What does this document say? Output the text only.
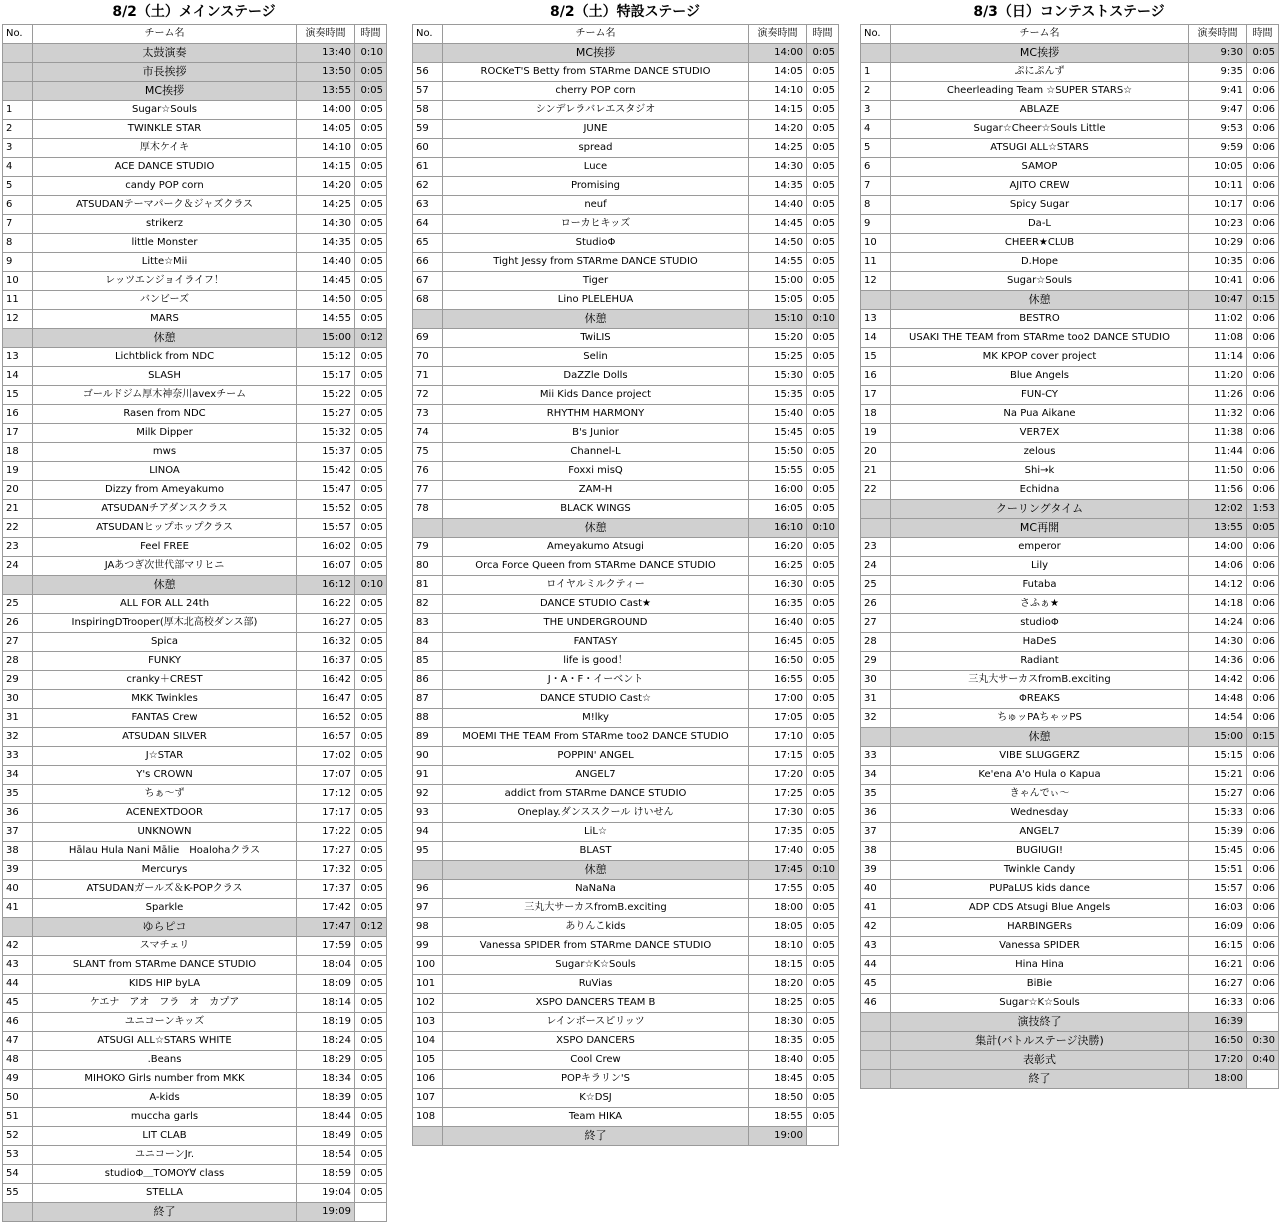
8/2（土）メインステージ
No.	チーム名	演奏時間	時間
	太鼓演奏	13:40	0:10
	市長挨拶	13:50	0:05
	MC挨拶	13:55	0:05
1	Sugar☆Souls	14:00	0:05
2	TWINKLE STAR	14:05	0:05
3	厚木ケイキ	14:10	0:05
4	ACE DANCE STUDIO	14:15	0:05
5	candy POP corn	14:20	0:05
6	ATSUDANテーマパーク＆ジャズクラス	14:25	0:05
7	strikerz	14:30	0:05
8	little Monster	14:35	0:05
9	Litte☆Mii	14:40	0:05
10	レッツエンジョイライフ！	14:45	0:05
11	バンビーズ	14:50	0:05
12	MARS	14:55	0:05
	休憩	15:00	0:12
13	Lichtblick from NDC	15:12	0:05
14	SLASH	15:17	0:05
15	ゴールドジム厚木神奈川avexチーム	15:22	0:05
16	Rasen from NDC	15:27	0:05
17	Milk Dipper	15:32	0:05
18	mws	15:37	0:05
19	LINOA	15:42	0:05
20	Dizzy from Ameyakumo	15:47	0:05
21	ATSUDANチアダンスクラス	15:52	0:05
22	ATSUDANヒップホップクラス	15:57	0:05
23	Feel FREE	16:02	0:05
24	JAあつぎ次世代部マリヒニ	16:07	0:05
	休憩	16:12	0:10
25	ALL FOR ALL 24th	16:22	0:05
26	InspiringDTrooper(厚木北高校ダンス部)	16:27	0:05
27	Spica	16:32	0:05
28	FUNKY	16:37	0:05
29	cranky＋CREST	16:42	0:05
30	MKK Twinkles	16:47	0:05
31	FANTAS Crew	16:52	0:05
32	ATSUDAN SILVER	16:57	0:05
33	J☆STAR	17:02	0:05
34	Y's CROWN	17:07	0:05
35	ちぁ〜ず	17:12	0:05
36	ACENEXTDOOR	17:17	0:05
37	UNKNOWN	17:22	0:05
38	Hālau Hula Nani Mālie　Hoalohaクラス	17:27	0:05
39	Mercurys	17:32	0:05
40	ATSUDANガールズ＆K-POPクラス	17:37	0:05
41	Sparkle	17:42	0:05
	ゆらピコ	17:47	0:12
42	スマチェリ	17:59	0:05
43	SLANT from STARme DANCE STUDIO	18:04	0:05
44	KIDS HIP byLA	18:09	0:05
45	ケエナ　アオ　フラ　オ　カプア	18:14	0:05
46	ユニコーンキッズ	18:19	0:05
47	ATSUGI ALL☆STARS WHITE	18:24	0:05
48	.Beans	18:29	0:05
49	MIHOKO Girls number from MKK	18:34	0:05
50	A-kids	18:39	0:05
51	muccha garls	18:44	0:05
52	LIT CLAB	18:49	0:05
53	ユニコーンJr.	18:54	0:05
54	studioΦ＿TOMOY∀ class	18:59	0:05
55	STELLA	19:04	0:05
	終了	19:09	
8/2（土）特設ステージ
No.	チーム名	演奏時間	時間
	MC挨拶	14:00	0:05
56	ROCKeT'S Betty from STARme DANCE STUDIO	14:05	0:05
57	cherry POP corn	14:10	0:05
58	シンデレラバレエスタジオ	14:15	0:05
59	JUNE	14:20	0:05
60	spread	14:25	0:05
61	Luce	14:30	0:05
62	Promising	14:35	0:05
63	neuf	14:40	0:05
64	ローカヒキッズ	14:45	0:05
65	StudioΦ	14:50	0:05
66	Tight Jessy from STARme DANCE STUDIO	14:55	0:05
67	Tiger	15:00	0:05
68	Lino PLELEHUA	15:05	0:05
	休憩	15:10	0:10
69	TwiLIS	15:20	0:05
70	Selin	15:25	0:05
71	DaZZle Dolls	15:30	0:05
72	Mii Kids Dance project	15:35	0:05
73	RHYTHM HARMONY	15:40	0:05
74	B's Junior	15:45	0:05
75	Channel-L	15:50	0:05
76	Foxxi misQ	15:55	0:05
77	ZAM-H	16:00	0:05
78	BLACK WINGS	16:05	0:05
	休憩	16:10	0:10
79	Ameyakumo Atsugi	16:20	0:05
80	Orca Force Queen from STARme DANCE STUDIO	16:25	0:05
81	ロイヤルミルクティー	16:30	0:05
82	DANCE STUDIO Cast★	16:35	0:05
83	THE UNDERGROUND	16:40	0:05
84	FANTASY	16:45	0:05
85	life is good！	16:50	0:05
86	J・A・F・イーベント	16:55	0:05
87	DANCE STUDIO Cast☆	17:00	0:05
88	M!lky	17:05	0:05
89	MOEMI THE TEAM From STARme too2 DANCE STUDIO	17:10	0:05
90	POPPIN' ANGEL	17:15	0:05
91	ANGEL7	17:20	0:05
92	addict from STARme DANCE STUDIO	17:25	0:05
93	Oneplay.ダンススクール けいせん	17:30	0:05
94	LiL☆	17:35	0:05
95	BLAST	17:40	0:05
	休憩	17:45	0:10
96	NaNaNa	17:55	0:05
97	三丸大サーカスfromB.exciting	18:00	0:05
98	ありんこkids	18:05	0:05
99	Vanessa SPIDER from STARme DANCE STUDIO	18:10	0:05
100	Sugar☆K☆Souls	18:15	0:05
101	RuVias	18:20	0:05
102	XSPO DANCERS TEAM B	18:25	0:05
103	レインボースピリッツ	18:30	0:05
104	XSPO DANCERS	18:35	0:05
105	Cool Crew	18:40	0:05
106	POPキラリン'S	18:45	0:05
107	K☆DSJ	18:50	0:05
108	Team HIKA	18:55	0:05
	終了	19:00	
8/3（日）コンテストステージ
No.	チーム名	演奏時間	時間
	MC挨拶	9:30	0:05
1	ぷにぷんず	9:35	0:06
2	Cheerleading Team ☆SUPER STARS☆	9:41	0:06
3	ABLAZE	9:47	0:06
4	Sugar☆Cheer☆Souls Little	9:53	0:06
5	ATSUGI ALL☆STARS	9:59	0:06
6	SAMOP	10:05	0:06
7	AJITO CREW	10:11	0:06
8	Spicy Sugar	10:17	0:06
9	Da-L	10:23	0:06
10	CHEER★CLUB	10:29	0:06
11	D.Hope	10:35	0:06
12	Sugar☆Souls	10:41	0:06
	休憩	10:47	0:15
13	BESTRO	11:02	0:06
14	USAKI THE TEAM from STARme too2 DANCE STUDIO	11:08	0:06
15	MK KPOP cover project	11:14	0:06
16	Blue Angels	11:20	0:06
17	FUN-CY	11:26	0:06
18	Na Pua Aikane	11:32	0:06
19	VER7EX	11:38	0:06
20	zelous	11:44	0:06
21	Shi→k	11:50	0:06
22	Echidna	11:56	0:06
	クーリングタイム	12:02	1:53
	MC再開	13:55	0:05
23	emperor	14:00	0:06
24	Lily	14:06	0:06
25	Futaba	14:12	0:06
26	さふぁ★	14:18	0:06
27	studioΦ	14:24	0:06
28	HaDeS	14:30	0:06
29	Radiant	14:36	0:06
30	三丸大サーカスfromB.exciting	14:42	0:06
31	ΦREAKS	14:48	0:06
32	ちゅッPAちゃッPS	14:54	0:06
	休憩	15:00	0:15
33	VIBE SLUGGERZ	15:15	0:06
34	Ke'ena A'o Hula o Kapua	15:21	0:06
35	きゃんでぃ〜	15:27	0:06
36	Wednesday	15:33	0:06
37	ANGEL7	15:39	0:06
38	BUGIUGI!	15:45	0:06
39	Twinkle Candy	15:51	0:06
40	PUPaLUS kids dance	15:57	0:06
41	ADP CDS Atsugi Blue Angels	16:03	0:06
42	HARBINGERs	16:09	0:06
43	Vanessa SPIDER	16:15	0:06
44	Hina Hina	16:21	0:06
45	BiBie	16:27	0:06
46	Sugar☆K☆Souls	16:33	0:06
	演技終了	16:39	
	集計(バトルステージ決勝)	16:50	0:30
	表彰式	17:20	0:40
	終了	18:00	
